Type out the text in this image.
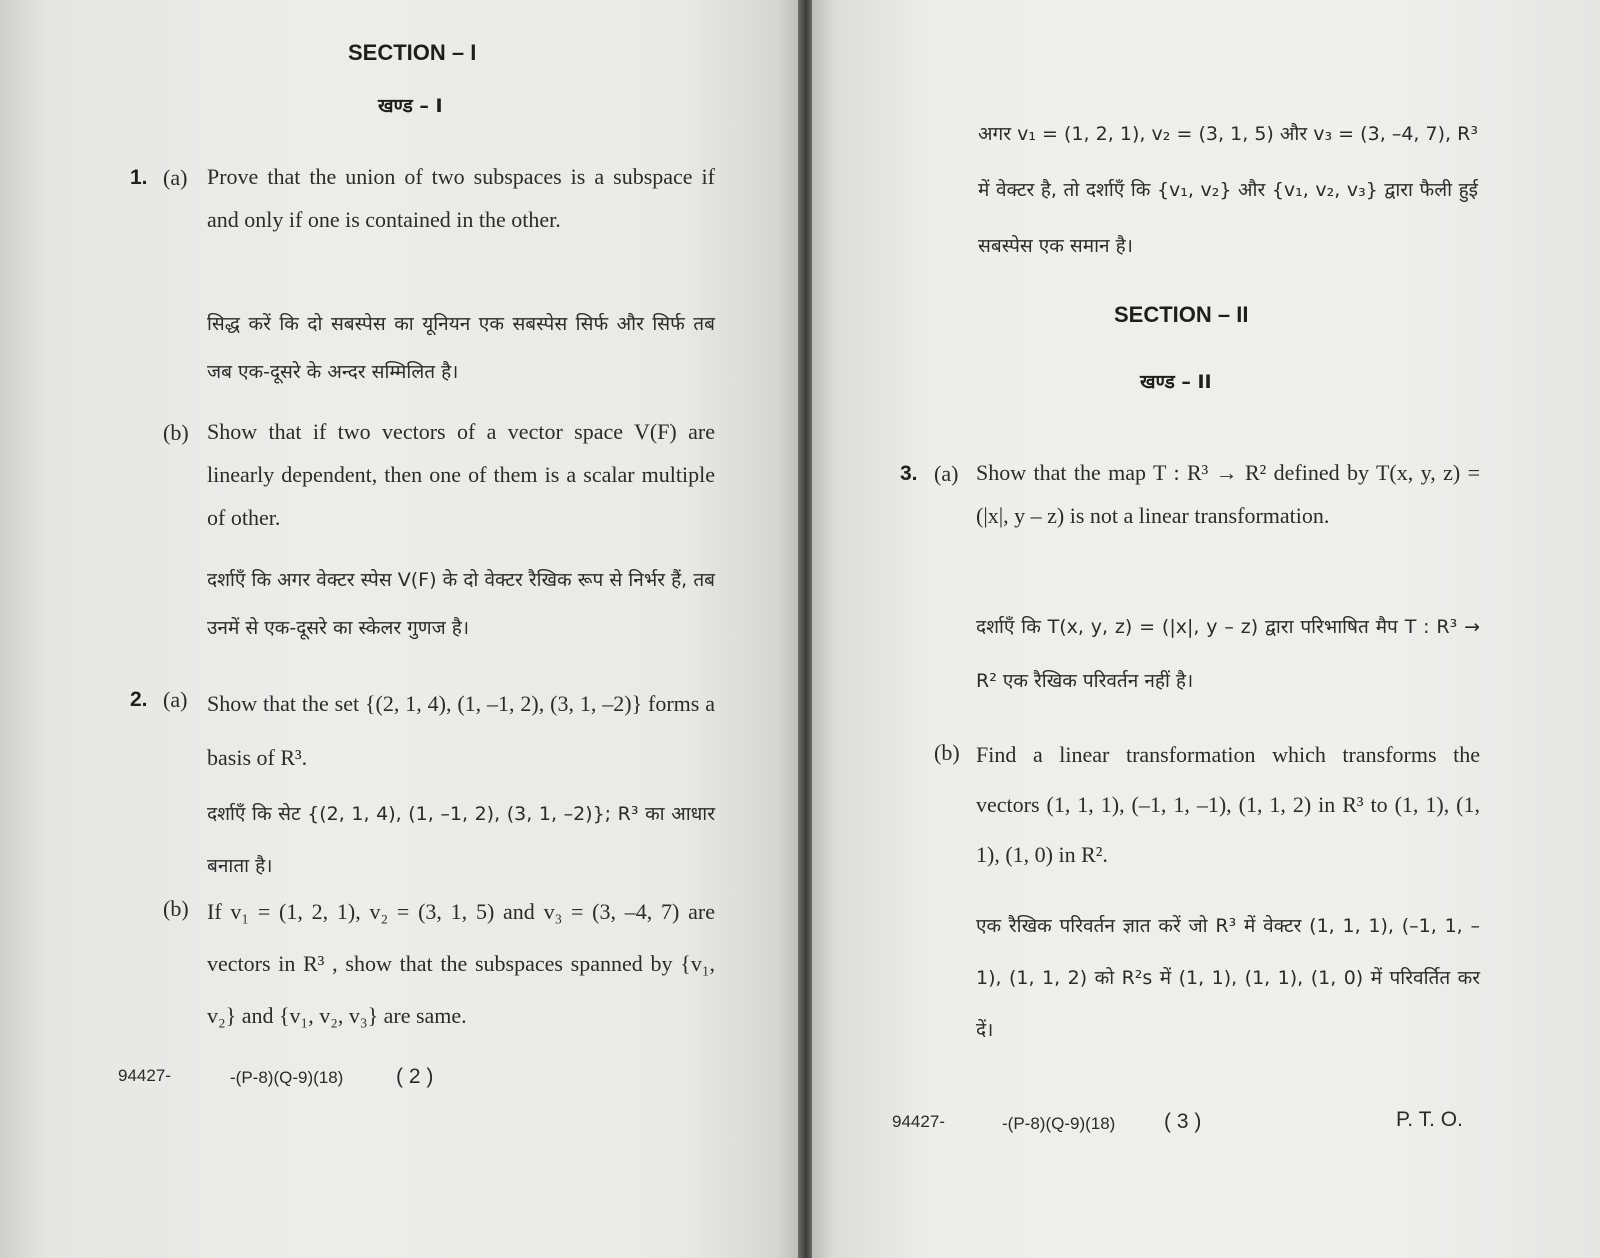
SECTION – I
खण्ड – I
1. (a) Prove that the union of two subspaces is a subspace if and only if one is contained in the other.
सिद्ध करें कि दो सबस्पेस का यूनियन एक सबस्पेस सिर्फ और सिर्फ तब जब एक-दूसरे के अन्दर सम्मिलित है।
(b) Show that if two vectors of a vector space V(F) are linearly dependent, then one of them is a scalar multiple of other.
दर्शाएँ कि अगर वेक्टर स्पेस V(F) के दो वेक्टर रैखिक रूप से निर्भर हैं, तब उनमें से एक-दूसरे का स्केलर गुणज है।
2. (a) Show that the set {(2, 1, 4), (1, –1, 2), (3, 1, –2)} forms a basis of R³.
दर्शाएँ कि सेट {(2, 1, 4), (1, –1, 2), (3, 1, –2)}; R³ का आधार बनाता है।
(b) If v₁ = (1, 2, 1), v₂ = (3, 1, 5) and v₃ = (3, –4, 7) are vectors in R³ , show that the subspaces spanned by {v₁, v₂} and {v₁, v₂, v₃} are same.
94427-	-(P-8)(Q-9)(18)	( 2 )
अगर v₁ = (1, 2, 1), v₂ = (3, 1, 5) और v₃ = (3, –4, 7), R³ में वेक्टर है, तो दर्शाएँ कि {v₁, v₂} और {v₁, v₂, v₃} द्वारा फैली हुई सबस्पेस एक समान है।
SECTION – II
खण्ड – II
3. (a) Show that the map T : R³ → R² defined by T(x, y, z) = (|x|, y – z) is not a linear transformation.
दर्शाएँ कि T(x, y, z) = (|x|, y – z) द्वारा परिभाषित मैप T : R³ → R² एक रैखिक परिवर्तन नहीं है।
(b) Find a linear transformation which transforms the vectors (1, 1, 1), (–1, 1, –1), (1, 1, 2) in R³ to (1, 1), (1, 1), (1, 0) in R².
एक रैखिक परिवर्तन ज्ञात करें जो R³ में वेक्टर (1, 1, 1), (–1, 1, –1), (1, 1, 2) को R²s में (1, 1), (1, 1), (1, 0) में परिवर्तित कर दें।
94427-	-(P-8)(Q-9)(18) ( 3 )	P. T. O.
